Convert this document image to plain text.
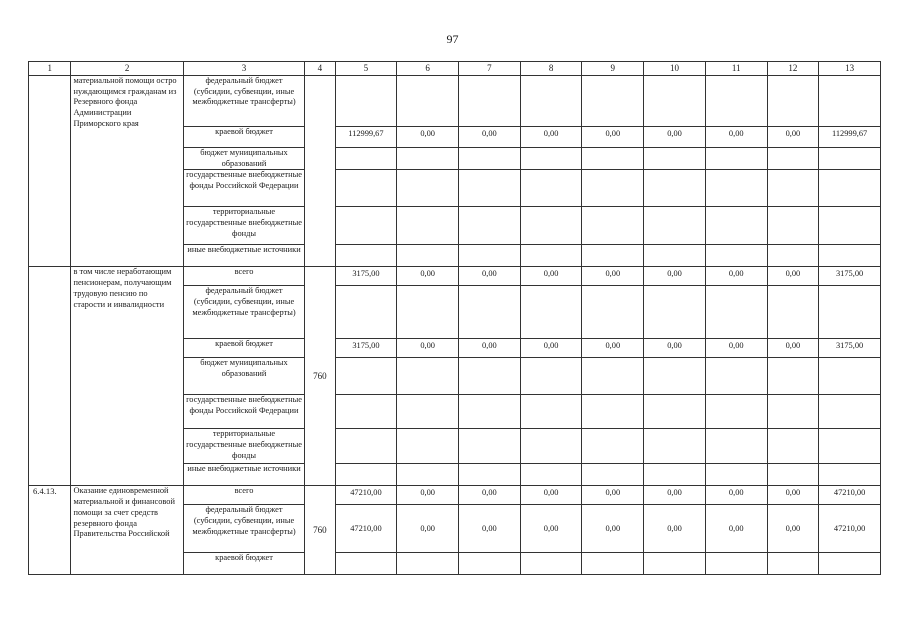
97
1	2	3	4	5	6	7	8	9	10	11	12	13
	материальной помощи остро нуждающимся гражданам из Резервного фонда Администрации Приморского края	федеральный бюджет (субсидии, субвенции, иные межбюджетные трансферты)										
		краевой бюджет		112999,67	0,00	0,00	0,00	0,00	0,00	0,00	0,00	112999,67
		бюджет муниципальных образований										
		государственные внебюджетные фонды Российской Федерации										
		территориальные государственные внебюджетные фонды										
		иные внебюджетные источники										
	в том числе неработающим пенсионерам, получающим трудовую пенсию по старости и инвалидности	всего	760	3175,00	0,00	0,00	0,00	0,00	0,00	0,00	0,00	3175,00
		федеральный бюджет (субсидии, субвенции, иные межбюджетные трансферты)										
		краевой бюджет		3175,00	0,00	0,00	0,00	0,00	0,00	0,00	0,00	3175,00
		бюджет муниципальных образований										
		государственные внебюджетные фонды Российской Федерации										
		территориальные государственные внебюджетные фонды										
		иные внебюджетные источники										
6.4.13.	Оказание единовременной материальной и финансовой помощи за счет средств резервного фонда Правительства Российской	всего	760	47210,00	0,00	0,00	0,00	0,00	0,00	0,00	0,00	47210,00
		федеральный бюджет (субсидии, субвенции, иные межбюджетные трансферты)		47210,00	0,00	0,00	0,00	0,00	0,00	0,00	0,00	47210,00
		краевой бюджет										
